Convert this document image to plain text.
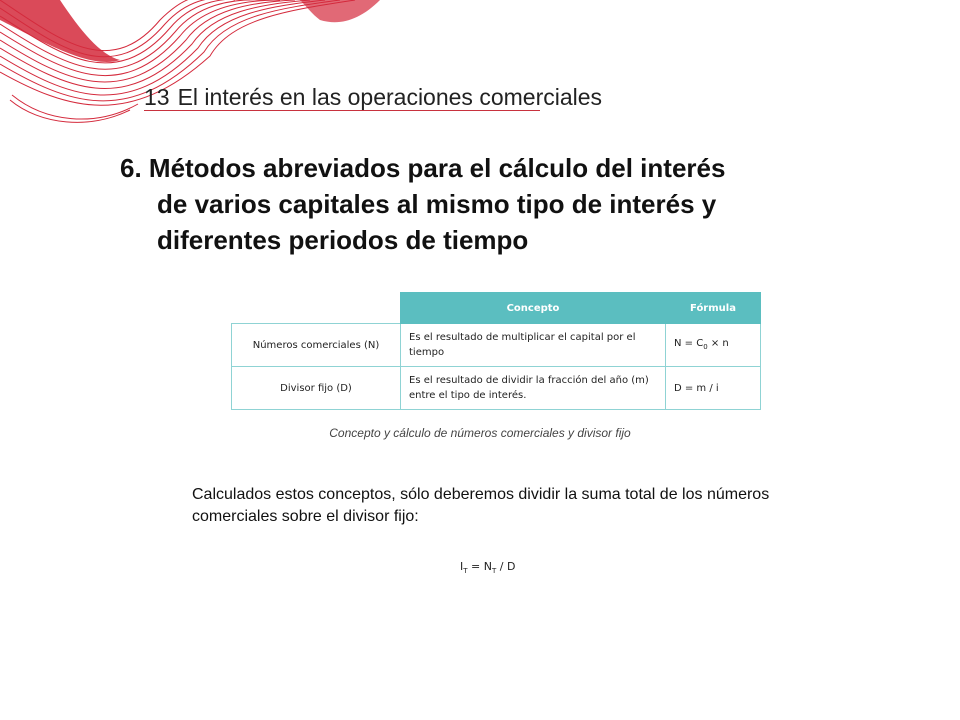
13 El interés en las operaciones comerciales
6. Métodos abreviados para el cálculo del interés
de varios capitales al mismo tipo de interés y
diferentes periodos de tiempo
	Concepto	Fórmula
Números comerciales (N)	Es el resultado de multiplicar el capital por el tiempo	$N = C_0 \times n$
Divisor fijo (D)	Es el resultado de dividir la fracción del año (m) entre el tipo de interés.	D = m / i
Concepto y cálculo de números comerciales y divisor fijo
Calculados estos conceptos, sólo deberemos dividir la suma total de los números comerciales sobre el divisor fijo:
$I_T = N_T / D$
